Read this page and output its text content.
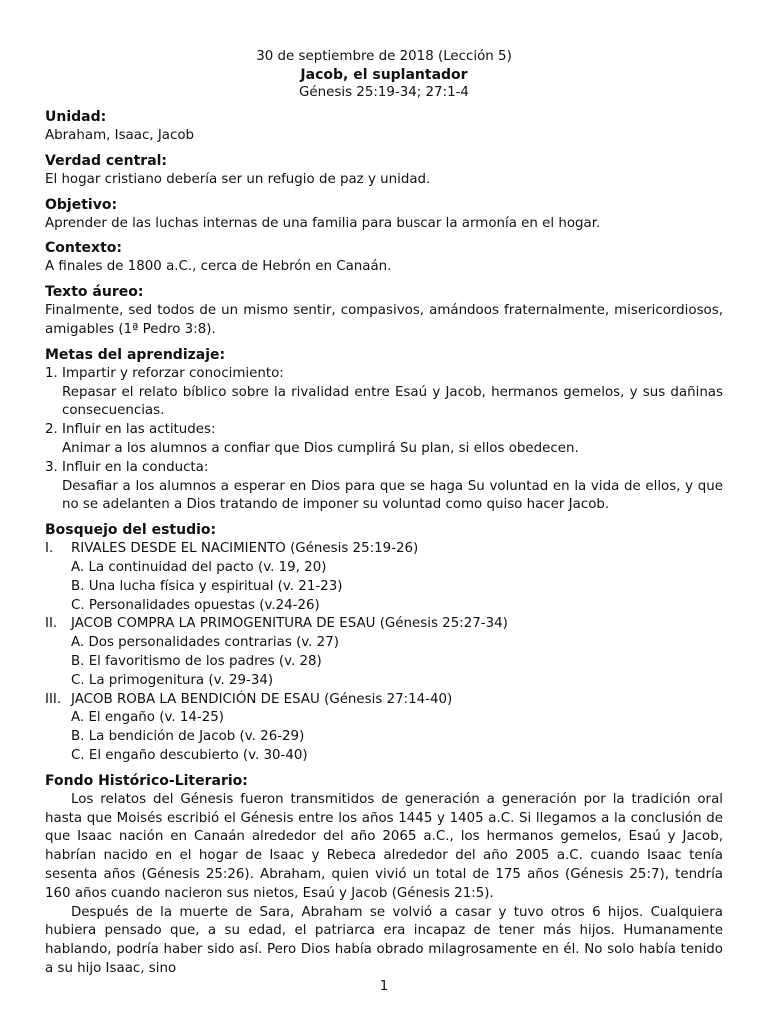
30 de septiembre de 2018 (Lección 5)
Jacob, el suplantador
Génesis 25:19-34; 27:1-4
Unidad:
Abraham, Isaac, Jacob
Verdad central:
El hogar cristiano debería ser un refugio de paz y unidad.
Objetivo:
Aprender de las luchas internas de una familia para buscar la armonía en el hogar.
Contexto:
A finales de 1800 a.C., cerca de Hebrón en Canaán.
Texto áureo:
Finalmente, sed todos de un mismo sentir, compasivos, amándoos fraternalmente, misericordiosos, amigables (1ª Pedro 3:8).
Metas del aprendizaje:
1. Impartir y reforzar conocimiento:
Repasar el relato bíblico sobre la rivalidad entre Esaú y Jacob, hermanos gemelos, y sus dañinas consecuencias.
2. Influir en las actitudes:
Animar a los alumnos a confiar que Dios cumplirá Su plan, si ellos obedecen.
3. Influir en la conducta:
Desafiar a los alumnos a esperar en Dios para que se haga Su voluntad en la vida de ellos, y que no se adelanten a Dios tratando de imponer su voluntad como quiso hacer Jacob.
Bosquejo del estudio:
I.	RIVALES DESDE EL NACIMIENTO (Génesis 25:19-26)
A. La continuidad del pacto (v. 19, 20)
B. Una lucha física y espiritual (v. 21-23)
C. Personalidades opuestas (v.24-26)
II.	JACOB COMPRA LA PRIMOGENITURA DE ESAU (Génesis 25:27-34)
A. Dos personalidades contrarias (v. 27)
B. El favoritismo de los padres (v. 28)
C. La primogenitura (v. 29-34)
III. JACOB ROBA LA BENDICIÓN DE ESAU (Génesis 27:14-40)
A. El engaño (v. 14-25)
B. La bendición de Jacob (v. 26-29)
C. El engaño descubierto (v. 30-40)
Fondo Histórico-Literario:
Los relatos del Génesis fueron transmitidos de generación a generación por la tradición oral hasta que Moisés escribió el Génesis entre los años 1445 y 1405 a.C. Si llegamos a la conclusión de que Isaac nación en Canaán alrededor del año 2065 a.C., los hermanos gemelos, Esaú y Jacob, habrían nacido en el hogar de Isaac y Rebeca alrededor del año 2005 a.C. cuando Isaac tenía sesenta años (Génesis 25:26). Abraham, quien vivió un total de 175 años (Génesis 25:7), tendría 160 años cuando nacieron sus nietos, Esaú y Jacob (Génesis 21:5).
Después de la muerte de Sara, Abraham se volvió a casar y tuvo otros 6 hijos. Cualquiera hubiera pensado que, a su edad, el patriarca era incapaz de tener más hijos. Humanamente hablando, podría haber sido así. Pero Dios había obrado milagrosamente en él. No solo había tenido a su hijo Isaac, sino
1
